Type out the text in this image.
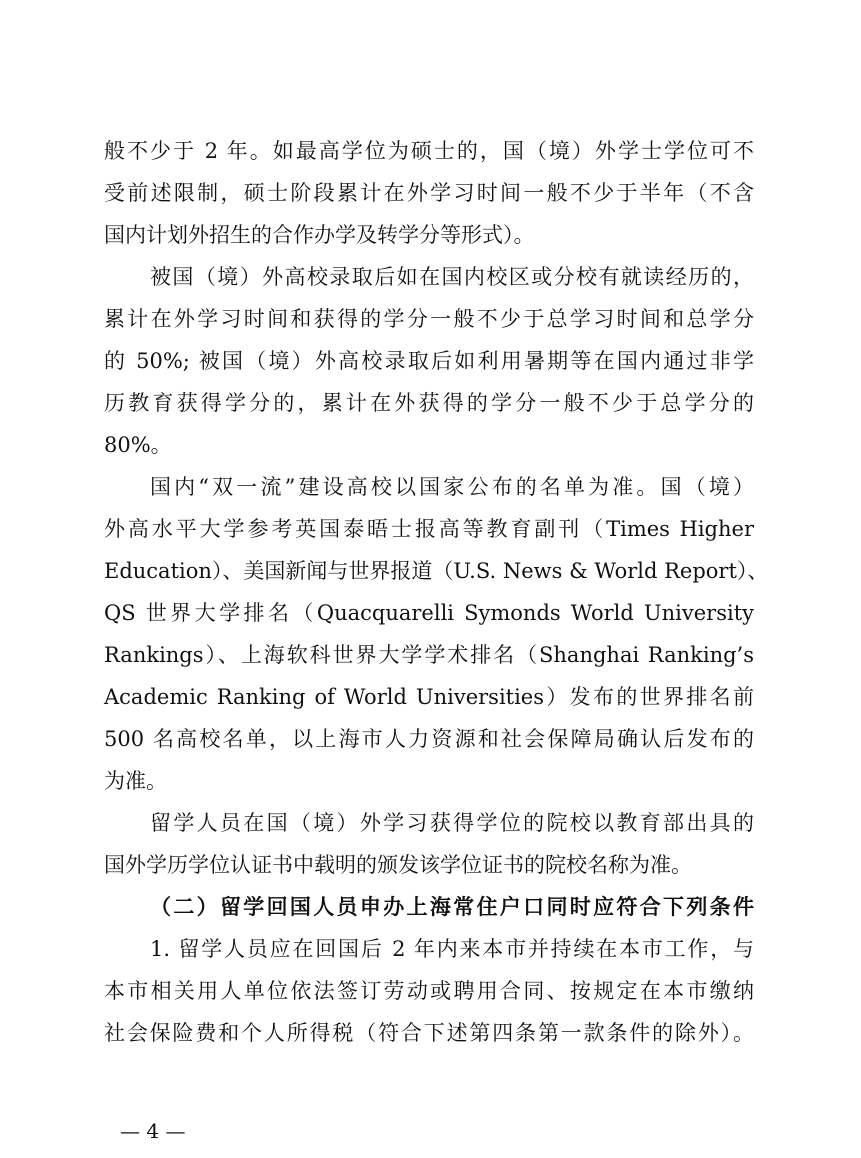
般不少于 2 年。如最高学位为硕士的，国（境）外学士学位可不
受前述限制，硕士阶段累计在外学习时间一般不少于半年（不含
国内计划外招生的合作办学及转学分等形式）。
被国（境）外高校录取后如在国内校区或分校有就读经历的，
累计在外学习时间和获得的学分一般不少于总学习时间和总学分
的 50%; 被国（境）外高校录取后如利用暑期等在国内通过非学
历教育获得学分的，累计在外获得的学分一般不少于总学分的
80%。
国内“双一流”建设高校以国家公布的名单为准。国（境）
外高水平大学参考英国泰晤士报高等教育副刊（Times Higher
Education）、美国新闻与世界报道（U.S. News & World Report）、
QS 世界大学排名（Quacquarelli Symonds World University
Rankings）、上海软科世界大学学术排名（Shanghai Ranking’s
Academic Ranking of World Universities）发布的世界排名前
500 名高校名单，以上海市人力资源和社会保障局确认后发布的
为准。
留学人员在国（境）外学习获得学位的院校以教育部出具的
国外学历学位认证书中载明的颁发该学位证书的院校名称为准。
（二）留学回国人员申办上海常住户口同时应符合下列条件
1. 留学人员应在回国后 2 年内来本市并持续在本市工作，与
本市相关用人单位依法签订劳动或聘用合同、按规定在本市缴纳
社会保险费和个人所得税（符合下述第四条第一款条件的除外）。
— 4 —
